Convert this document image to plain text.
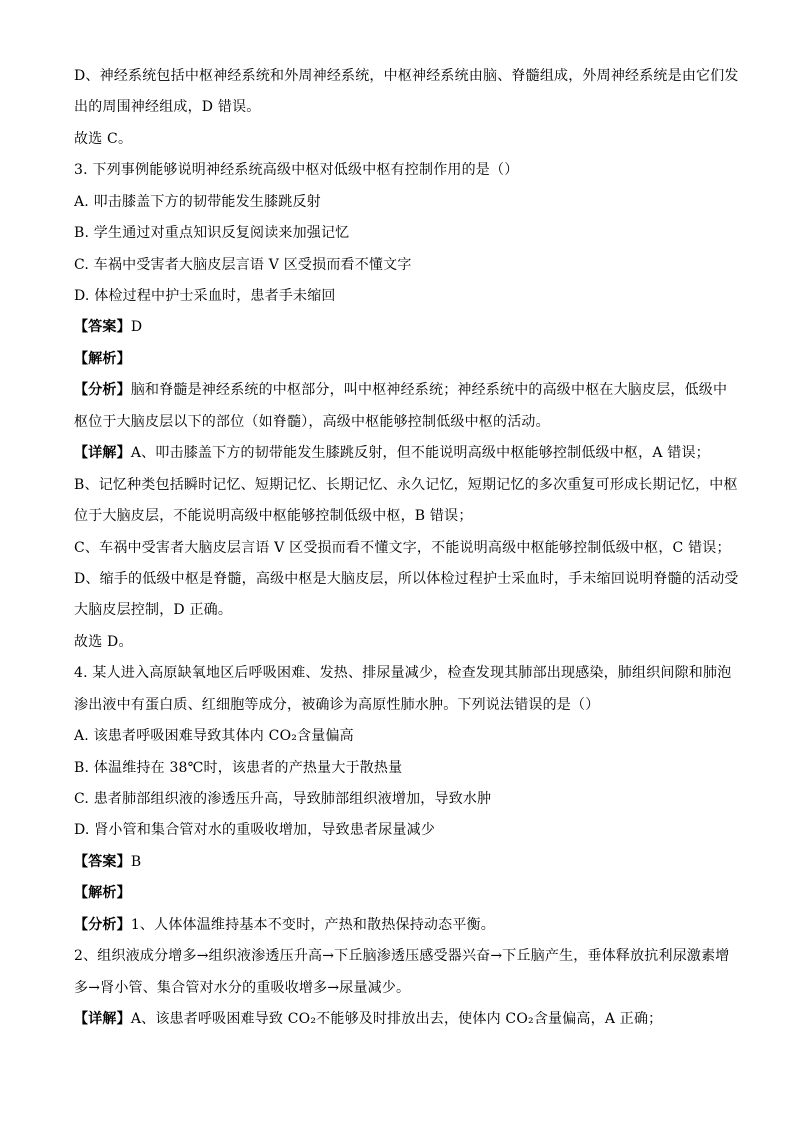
D、神经系统包括中枢神经系统和外周神经系统，中枢神经系统由脑、脊髓组成，外周神经系统是由它们发
出的周围神经组成，D 错误。
故选 C。
3. 下列事例能够说明神经系统高级中枢对低级中枢有控制作用的是（）
A. 叩击膝盖下方的韧带能发生膝跳反射
B. 学生通过对重点知识反复阅读来加强记忆
C. 车祸中受害者大脑皮层言语 V 区受损而看不懂文字
D. 体检过程中护士采血时，患者手未缩回
【答案】D
【解析】
【分析】脑和脊髓是神经系统的中枢部分，叫中枢神经系统；神经系统中的高级中枢在大脑皮层，低级中
枢位于大脑皮层以下的部位（如脊髓），高级中枢能够控制低级中枢的活动。
【详解】A、叩击膝盖下方的韧带能发生膝跳反射，但不能说明高级中枢能够控制低级中枢，A 错误；
B、记忆种类包括瞬时记忆、短期记忆、长期记忆、永久记忆，短期记忆的多次重复可形成长期记忆，中枢
位于大脑皮层，不能说明高级中枢能够控制低级中枢，B 错误；
C、车祸中受害者大脑皮层言语 V 区受损而看不懂文字，不能说明高级中枢能够控制低级中枢，C 错误；
D、缩手的低级中枢是脊髓，高级中枢是大脑皮层，所以体检过程护士采血时，手未缩回说明脊髓的活动受
大脑皮层控制，D 正确。
故选 D。
4. 某人进入高原缺氧地区后呼吸困难、发热、排尿量减少，检查发现其肺部出现感染，肺组织间隙和肺泡
渗出液中有蛋白质、红细胞等成分，被确诊为高原性肺水肿。下列说法错误的是（）
A. 该患者呼吸困难导致其体内 CO₂含量偏高
B. 体温维持在 38℃时，该患者的产热量大于散热量
C. 患者肺部组织液的渗透压升高，导致肺部组织液增加，导致水肿
D. 肾小管和集合管对水的重吸收增加，导致患者尿量减少
【答案】B
【解析】
【分析】1、人体体温维持基本不变时，产热和散热保持动态平衡。
2、组织液成分增多→组织液渗透压升高→下丘脑渗透压感受器兴奋→下丘脑产生，垂体释放抗利尿激素增
多→肾小管、集合管对水分的重吸收增多→尿量减少。
【详解】A、该患者呼吸困难导致 CO₂不能够及时排放出去，使体内 CO₂含量偏高，A 正确；
